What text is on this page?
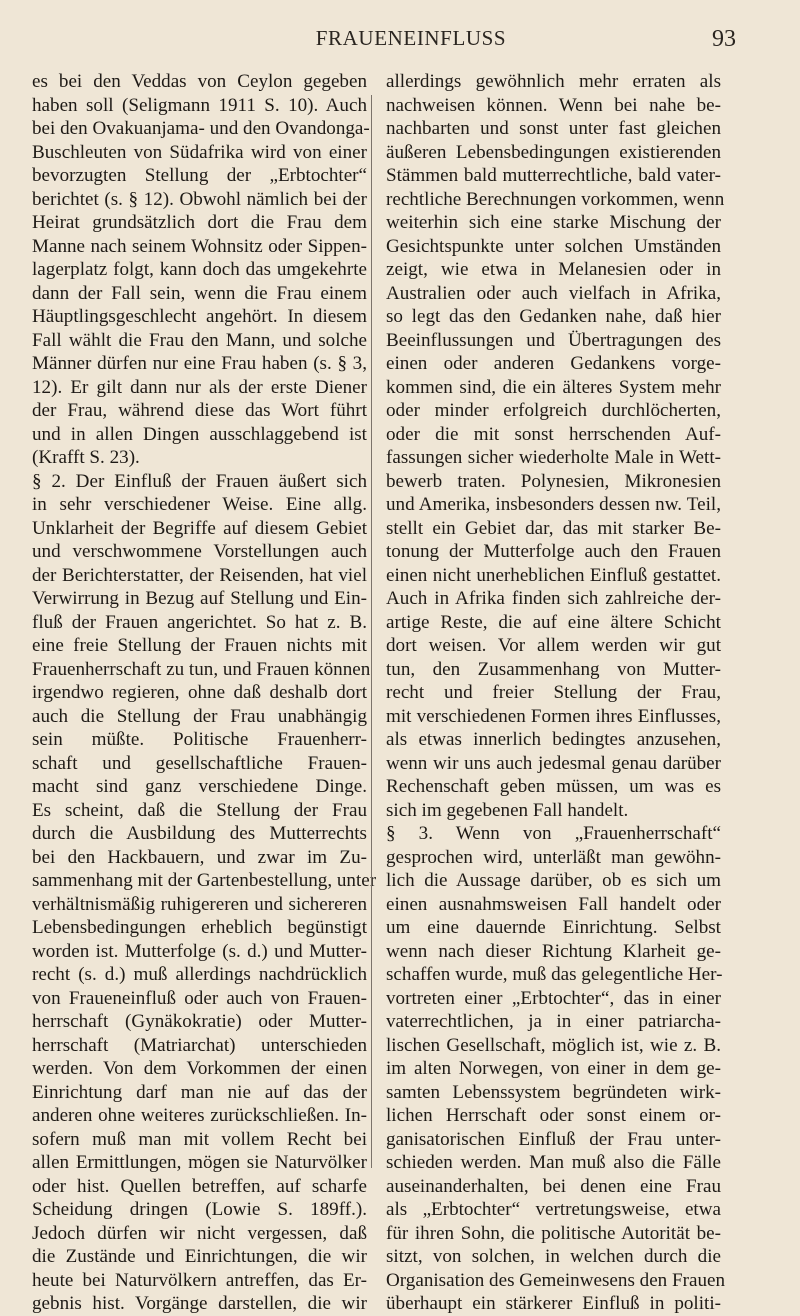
FRAUENEINFLUSS	93
es bei den Veddas von Ceylon gegeben
haben soll (Seligmann 1911 S. 10). Auch
bei den Ovakuanjama- und den Ovandonga-
Buschleuten von Südafrika wird von einer
bevorzugten Stellung der „Erbtochter“
berichtet (s. § 12). Obwohl nämlich bei der
Heirat grundsätzlich dort die Frau dem
Manne nach seinem Wohnsitz oder Sippen-
lagerplatz folgt, kann doch das umgekehrte
dann der Fall sein, wenn die Frau einem
Häuptlingsgeschlecht angehört. In diesem
Fall wählt die Frau den Mann, und solche
Männer dürfen nur eine Frau haben (s. § 3,
12). Er gilt dann nur als der erste Diener
der Frau, während diese das Wort führt
und in allen Dingen ausschlaggebend ist
(Krafft S. 23).
§ 2. Der Einfluß der Frauen äußert sich
in sehr verschiedener Weise. Eine allg.
Unklarheit der Begriffe auf diesem Gebiet
und verschwommene Vorstellungen auch
der Berichterstatter, der Reisenden, hat viel
Verwirrung in Bezug auf Stellung und Ein-
fluß der Frauen angerichtet. So hat z. B.
eine freie Stellung der Frauen nichts mit
Frauenherrschaft zu tun, und Frauen können
irgendwo regieren, ohne daß deshalb dort
auch die Stellung der Frau unabhängig
sein müßte. Politische Frauenherr-
schaft und gesellschaftliche Frauen-
macht sind ganz verschiedene Dinge.
Es scheint, daß die Stellung der Frau
durch die Ausbildung des Mutterrechts
bei den Hackbauern, und zwar im Zu-
sammenhang mit der Gartenbestellung, unter
verhältnismäßig ruhigereren und sichereren
Lebensbedingungen erheblich begünstigt
worden ist. Mutterfolge (s. d.) und Mutter-
recht (s. d.) muß allerdings nachdrücklich
von Fraueneinfluß oder auch von Frauen-
herrschaft (Gynäkokratie) oder Mutter-
herrschaft (Matriarchat) unterschieden
werden. Von dem Vorkommen der einen
Einrichtung darf man nie auf das der
anderen ohne weiteres zurückschließen. In-
sofern muß man mit vollem Recht bei
allen Ermittlungen, mögen sie Naturvölker
oder hist. Quellen betreffen, auf scharfe
Scheidung dringen (Lowie S. 189ff.).
Jedoch dürfen wir nicht vergessen, daß
die Zustände und Einrichtungen, die wir
heute bei Naturvölkern antreffen, das Er-
gebnis hist. Vorgänge darstellen, die wir
allerdings gewöhnlich mehr erraten als
nachweisen können. Wenn bei nahe be-
nachbarten und sonst unter fast gleichen
äußeren Lebensbedingungen existierenden
Stämmen bald mutterrechtliche, bald vater-
rechtliche Berechnungen vorkommen, wenn
weiterhin sich eine starke Mischung der
Gesichtspunkte unter solchen Umständen
zeigt, wie etwa in Melanesien oder in
Australien oder auch vielfach in Afrika,
so legt das den Gedanken nahe, daß hier
Beeinflussungen und Übertragungen des
einen oder anderen Gedankens vorge-
kommen sind, die ein älteres System mehr
oder minder erfolgreich durchlöcherten,
oder die mit sonst herrschenden Auf-
fassungen sicher wiederholte Male in Wett-
bewerb traten. Polynesien, Mikronesien
und Amerika, insbesonders dessen nw. Teil,
stellt ein Gebiet dar, das mit starker Be-
tonung der Mutterfolge auch den Frauen
einen nicht unerheblichen Einfluß gestattet.
Auch in Afrika finden sich zahlreiche der-
artige Reste, die auf eine ältere Schicht
dort weisen. Vor allem werden wir gut
tun, den Zusammenhang von Mutter-
recht und freier Stellung der Frau,
mit verschiedenen Formen ihres Einflusses,
als etwas innerlich bedingtes anzusehen,
wenn wir uns auch jedesmal genau darüber
Rechenschaft geben müssen, um was es
sich im gegebenen Fall handelt.
§ 3. Wenn von „Frauenherrschaft“
gesprochen wird, unterläßt man gewöhn-
lich die Aussage darüber, ob es sich um
einen ausnahmsweisen Fall handelt oder
um eine dauernde Einrichtung. Selbst
wenn nach dieser Richtung Klarheit ge-
schaffen wurde, muß das gelegentliche Her-
vortreten einer „Erbtochter“, das in einer
vaterrechtlichen, ja in einer patriarcha-
lischen Gesellschaft, möglich ist, wie z. B.
im alten Norwegen, von einer in dem ge-
samten Lebenssystem begründeten wirk-
lichen Herrschaft oder sonst einem or-
ganisatorischen Einfluß der Frau unter-
schieden werden. Man muß also die Fälle
auseinanderhalten, bei denen eine Frau
als „Erbtochter“ vertretungsweise, etwa
für ihren Sohn, die politische Autorität be-
sitzt, von solchen, in welchen durch die
Organisation des Gemeinwesens den Frauen
überhaupt ein stärkerer Einfluß in politi-
